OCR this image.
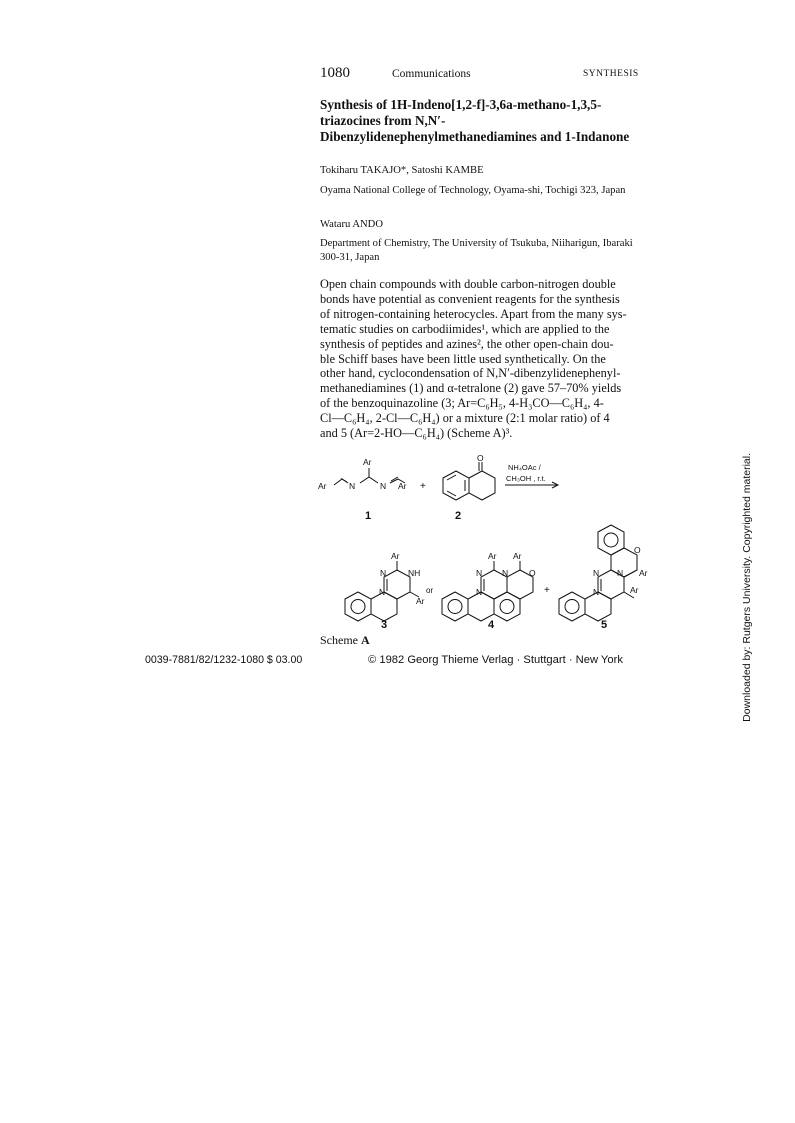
1080	Communications	SYNTHESIS
Synthesis of 1H-Indeno[1,2-f]-3,6a-methano-1,3,5-triazocines from N,N′-Dibenzylidenephenylmethanediamines and 1-Indanone
Tokiharu TAKAJO*, Satoshi KAMBE
Oyama National College of Technology, Oyama-shi, Tochigi 323, Japan
Wataru ANDO
Department of Chemistry, The University of Tsukuba, Niiharigun, Ibaraki 300-31, Japan
Open chain compounds with double carbon-nitrogen double
bonds have potential as convenient reagents for the synthesis
of nitrogen-containing heterocycles. Apart from the many sys-
tematic studies on carbodiimides¹, which are applied to the
synthesis of peptides and azines², the other open-chain dou-
ble Schiff bases have been little used synthetically. On the
other hand, cyclocondensation of N,N′-dibenzylidenephenyl-
methanediamines (1) and α-tetralone (2) gave 57–70% yields
of the benzoquinazoline (3; Ar=C₆H₅, 4-H₃CO—C₆H₄, 4-
Cl—C₆H₄, 2-Cl—C₆H₄) or a mixture (2:1 molar ratio) of 4
and 5 (Ar=2-HO—C₆H₄) (Scheme A)³.
Ar	N
Ar
N Ar +
O
NH₄OAc /
CH₃OH , r.t.
Ar
N	NH
N
Ar
or
Ar Ar
N N O
N	+
O
N N Ar
N	Ar
1	2
3	4	5
Scheme A
0039-7881/82/1232-1080 $ 03.00	© 1982 Georg Thieme Verlag · Stuttgart · New York	Downloaded by: Rutgers University. Copyrighted material.
